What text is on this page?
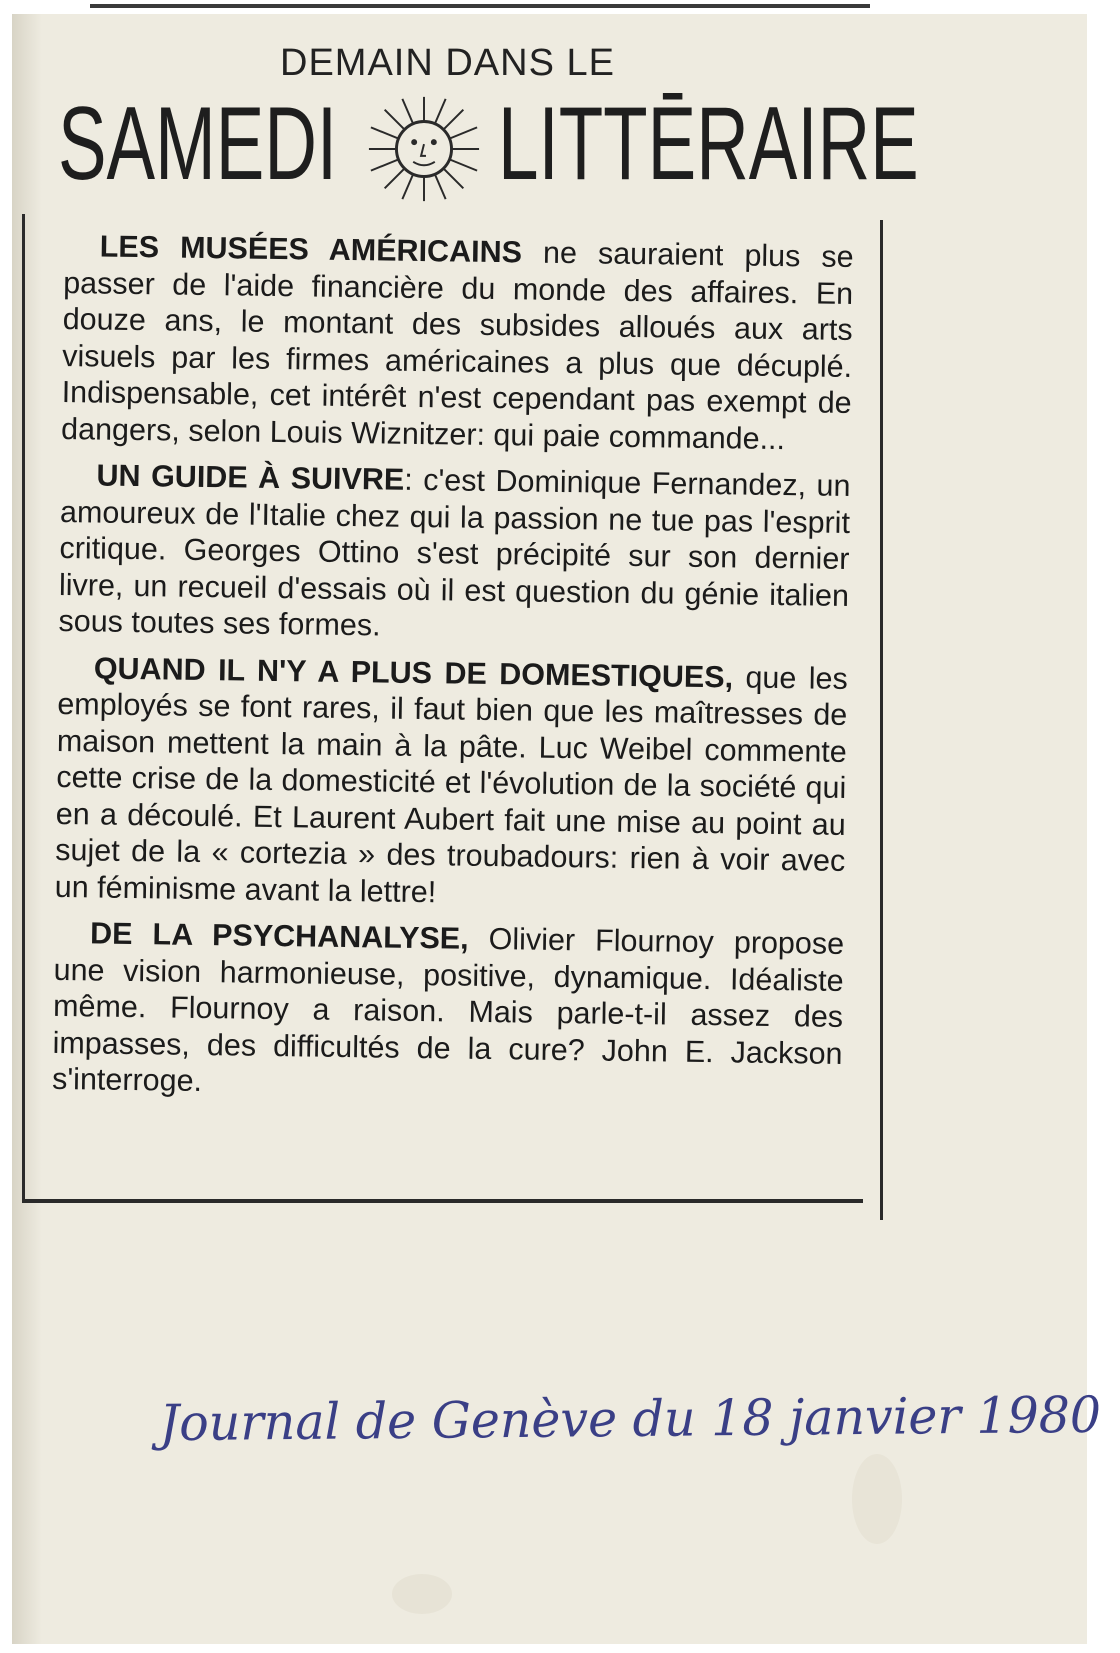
DEMAIN DANS LE
SAMEDI LITTĒRAIRE

LES MUSÉES AMÉRICAINS ne sauraient plus se passer de l'aide financière du monde des affaires. En douze ans, le montant des subsides alloués aux arts visuels par les firmes américaines a plus que décuplé. Indispensable, cet intérêt n'est cependant pas exempt de dangers, selon Louis Wiznitzer: qui paie commande...

UN GUIDE À SUIVRE: c'est Dominique Fernandez, un amoureux de l'Italie chez qui la passion ne tue pas l'esprit critique. Georges Ottino s'est précipité sur son dernier livre, un recueil d'essais où il est question du génie italien sous toutes ses formes.

QUAND IL N'Y A PLUS DE DOMESTIQUES, que les employés se font rares, il faut bien que les maîtresses de maison mettent la main à la pâte. Luc Weibel commente cette crise de la domesticité et l'évolution de la société qui en a découlé. Et Laurent Aubert fait une mise au point au sujet de la « cortezia » des troubadours: rien à voir avec un féminisme avant la lettre!

DE LA PSYCHANALYSE, Olivier Flournoy propose une vision harmonieuse, positive, dynamique. Idéaliste même. Flournoy a raison. Mais parle-t-il assez des impasses, des difficultés de la cure? John E. Jackson s'interroge.

Journal de Genève du 18 janvier 1980
